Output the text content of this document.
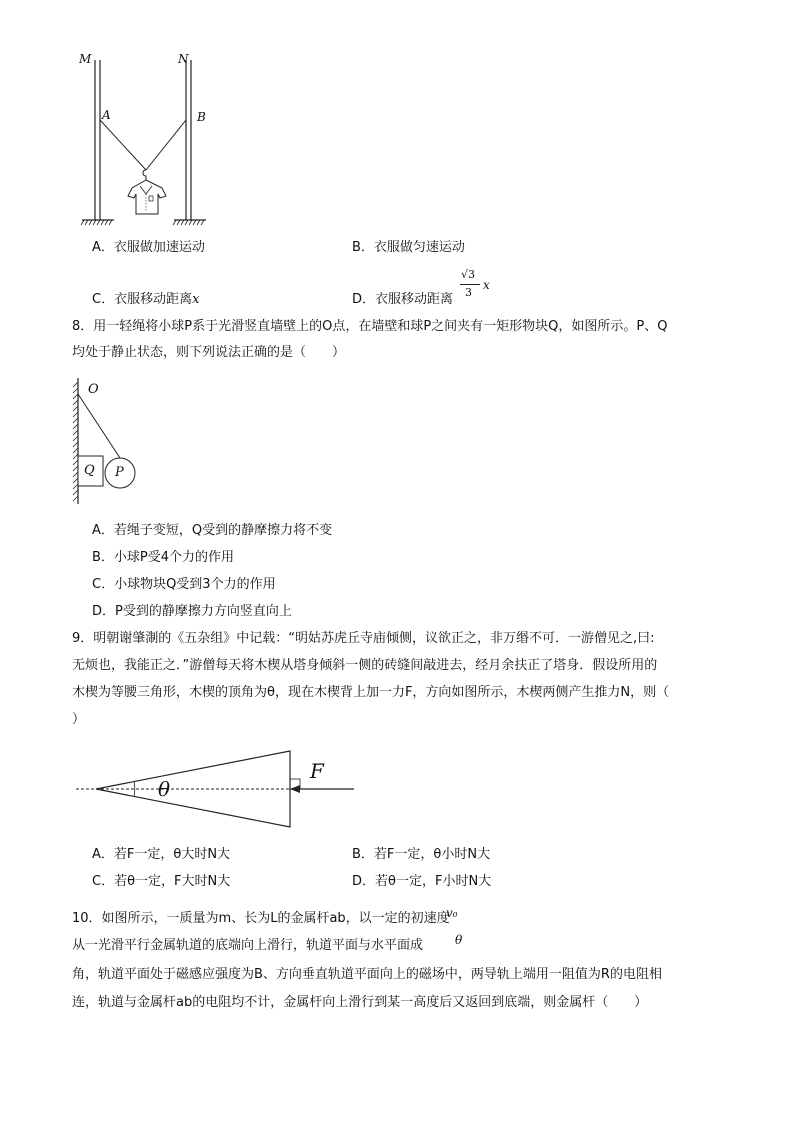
M	N
A	B
A．衣服做加速运动	B．衣服做匀速运动
C．衣服移动距离x	D．衣服移动距离
√3
3
x
8．用一轻绳将小球P系于光滑竖直墙壁上的O点，在墙壁和球P之间夹有一矩形物块Q，如图所示。P、Q
均处于静止状态，则下列说法正确的是（　　）
O
Q P
A．若绳子变短，Q受到的静摩擦力将不变
B．小球P受4个力的作用
C．小球物块Q受到3个力的作用
D．P受到的静摩擦力方向竖直向上
9．明朝谢肇淛的《五杂组》中记载：“明姑苏虎丘寺庙倾侧，议欲正之，非万缗不可．一游僧见之,曰:
无烦也，我能正之．”游僧每天将木楔从塔身倾斜一侧的砖缝间敲进去，经月余扶正了塔身．假设所用的
木楔为等腰三角形，木楔的顶角为θ，现在木楔背上加一力F，方向如图所示，木楔两侧产生推力N，则（
）
θ
F
A．若F一定，θ大时N大	B．若F一定，θ小时N大
C．若θ一定，F大时N大	D．若θ一定，F小时N大
10．如图所示，一质量为m、长为L的金属杆ab，以一定的初速度
v₀
从一光滑平行金属轨道的底端向上滑行，轨道平面与水平面成	θ
角，轨道平面处于磁感应强度为B、方向垂直轨道平面向上的磁场中，两导轨上端用一阻值为R的电阻相
连，轨道与金属杆ab的电阻均不计，金属杆向上滑行到某一高度后又返回到底端，则金属杆（　　）
